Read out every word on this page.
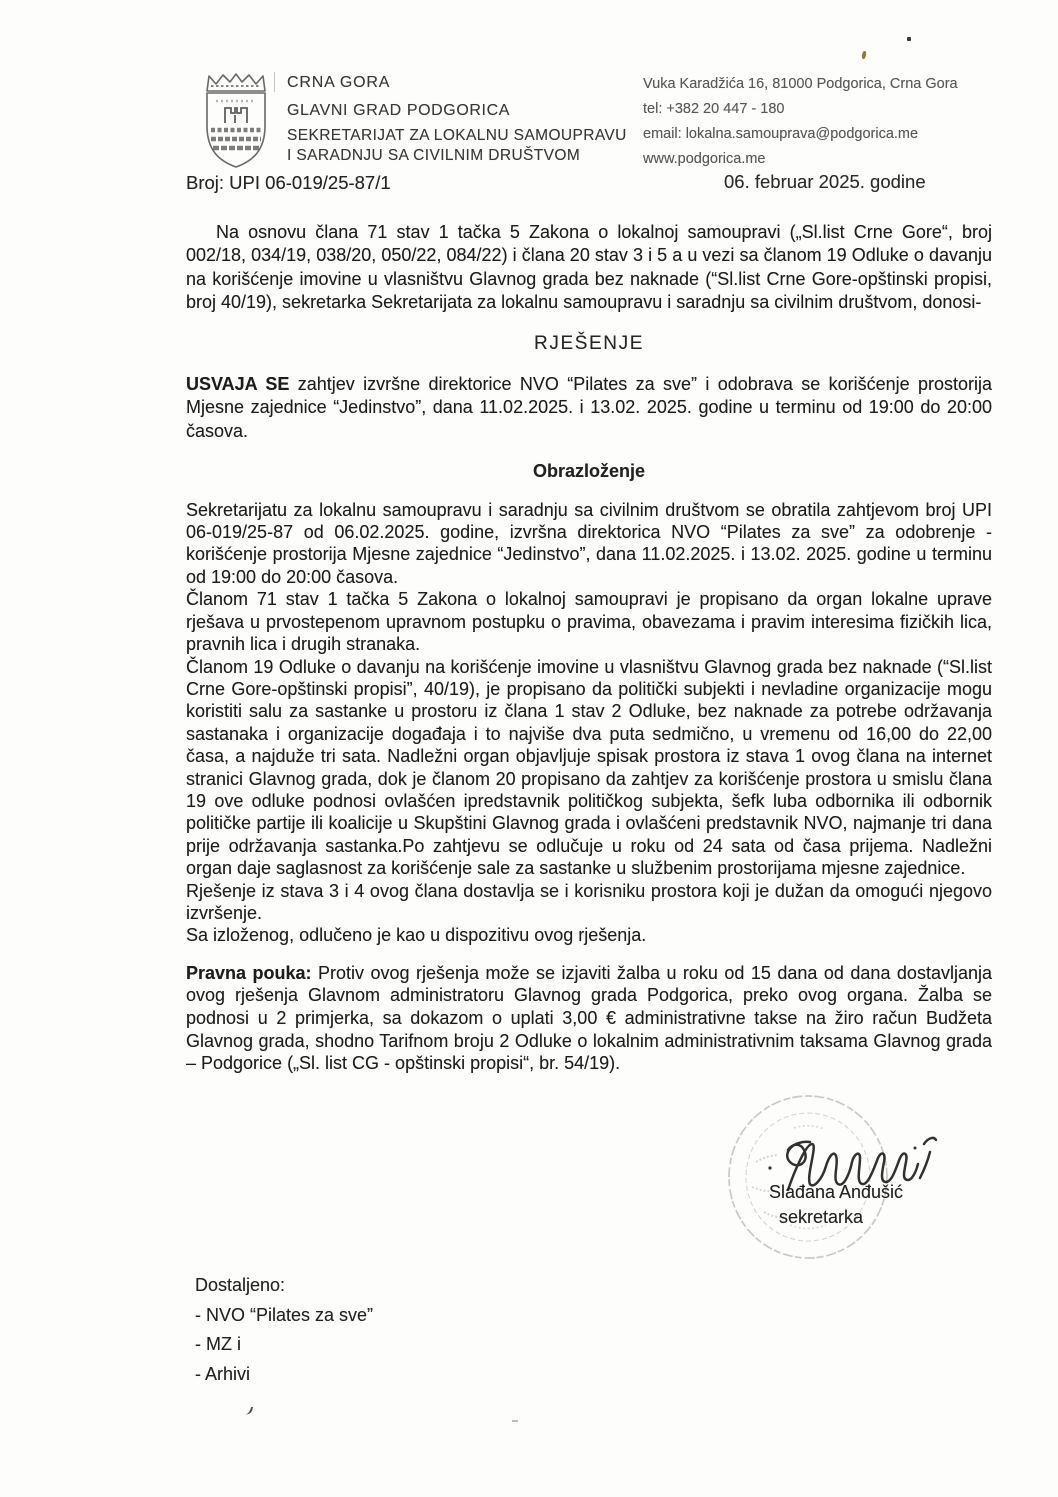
CRNA GORA
GLAVNI GRAD PODGORICA
SEKRETARIJAT ZA LOKALNU SAMOUPRAVU
I SARADNJU SA CIVILNIM DRUŠTVOM
Vuka Karadžića 16, 81000 Podgorica, Crna Gora
tel: +382 20 447 - 180
email: lokalna.samouprava@podgorica.me
www.podgorica.me
Broj: UPI 06-019/25-87/1	06. februar 2025. godine

Na osnovu člana 71 stav 1 tačka 5 Zakona o lokalnoj samoupravi („Sl.list Crne Gore“, broj 002/18, 034/19, 038/20, 050/22, 084/22) i člana 20 stav 3 i 5 a u vezi sa članom 19 Odluke o davanju na korišćenje imovine u vlasništvu Glavnog grada bez naknade (“Sl.list Crne Gore-opštinski propisi, broj 40/19), sekretarka Sekretarijata za lokalnu samoupravu i saradnju sa civilnim društvom, donosi-

RJEŠENJE

USVAJA SE zahtjev izvršne direktorice NVO “Pilates za sve” i odobrava se korišćenje prostorija Mjesne zajednice “Jedinstvo”, dana 11.02.2025. i 13.02. 2025. godine u terminu od 19:00 do 20:00 časova.

Obrazloženje

Sekretarijatu za lokalnu samoupravu i saradnju sa civilnim društvom se obratila zahtjevom broj UPI 06-019/25-87 od 06.02.2025. godine, izvršna direktorica NVO “Pilates za sve” za odobrenje - korišćenje prostorija Mjesne zajednice “Jedinstvo”, dana 11.02.2025. i 13.02. 2025. godine u terminu od 19:00 do 20:00 časova.

Članom 71 stav 1 tačka 5 Zakona o lokalnoj samoupravi je propisano da organ lokalne uprave rješava u prvostepenom upravnom postupku o pravima, obavezama i pravim interesima fizičkih lica, pravnih lica i drugih stranaka.

Članom 19 Odluke o davanju na korišćenje imovine u vlasništvu Glavnog grada bez naknade (“Sl.list Crne Gore-opštinski propisi”, 40/19), je propisano da politički subjekti i nevladine organizacije mogu koristiti salu za sastanke u prostoru iz člana 1 stav 2 Odluke, bez naknade za potrebe održavanja sastanaka i organizacije događaja i to najviše dva puta sedmično, u vremenu od 16,00 do 22,00 časa, a najduže tri sata. Nadležni organ objavljuje spisak prostora iz stava 1 ovog člana na internet stranici Glavnog grada, dok je članom 20 propisano da zahtjev za korišćenje prostora u smislu člana 19 ove odluke podnosi ovlašćen ipredstavnik političkog subjekta, šefk luba odbornika ili odbornik političke partije ili koalicije u Skupštini Glavnog grada i ovlašćeni predstavnik NVO, najmanje tri dana prije održavanja sastanka.Po zahtjevu se odlučuje u roku od 24 sata od časa prijema. Nadležni organ daje saglasnost za korišćenje sale za sastanke u službenim prostorijama mjesne zajednice.

Rješenje iz stava 3 i 4 ovog člana dostavlja se i korisniku prostora koji je dužan da omogući njegovo izvršenje.

Sa izloženog, odlučeno je kao u dispozitivu ovog rješenja.

Pravna pouka: Protiv ovog rješenja može se izjaviti žalba u roku od 15 dana od dana dostavljanja ovog rješenja Glavnom administratoru Glavnog grada Podgorica, preko ovog organa. Žalba se podnosi u 2 primjerka, sa dokazom o uplati 3,00 € administrativne takse na žiro račun Budžeta Glavnog grada, shodno Tarifnom broju 2 Odluke o lokalnim administrativnim taksama Glavnog grada – Podgorice („Sl. list CG - opštinski propisi“, br. 54/19).

Slađana Anđušić
sekretarka
Dostaljeno:
- NVO “Pilates za sve”
- MZ i
- Arhivi
